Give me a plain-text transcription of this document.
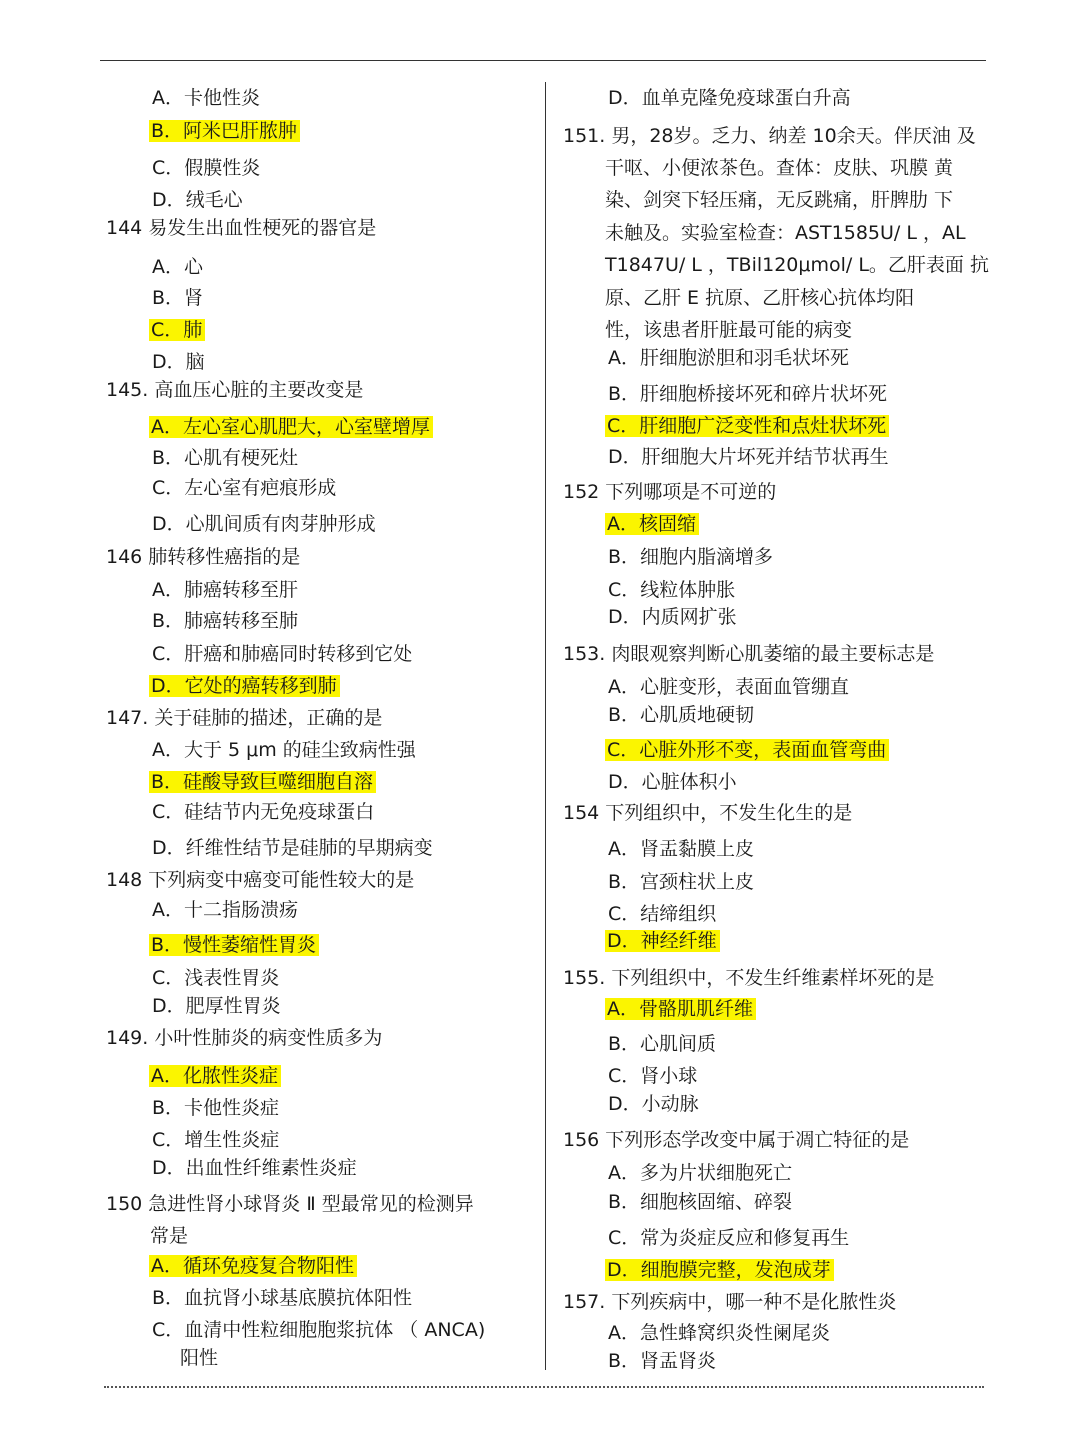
A．卡他性炎
B．阿米巴肝脓肿
C．假膜性炎
D．绒毛心
144 易发生出血性梗死的器官是
A．心
B．肾
C．肺
D．脑
145. 高血压心脏的主要改变是
A．左心室心肌肥大，心室壁增厚
B．心肌有梗死灶
C．左心室有疤痕形成
D．心肌间质有肉芽肿形成
146 肺转移性癌指的是
A．肺癌转移至肝
B．肺癌转移至肺
C．肝癌和肺癌同时转移到它处
D．它处的癌转移到肺
147. 关于硅肺的描述，正确的是
A．大于 5 μm 的硅尘致病性强
B．硅酸导致巨噬细胞自溶
C．硅结节内无免疫球蛋白
D．纤维性结节是硅肺的早期病变
148 下列病变中癌变可能性较大的是
A．十二指肠溃疡
B．慢性萎缩性胃炎
C．浅表性胃炎
D．肥厚性胃炎
149. 小叶性肺炎的病变性质多为
A．化脓性炎症
B．卡他性炎症
C．增生性炎症
D．出血性纤维素性炎症
150 急进性肾小球肾炎 Ⅱ 型最常见的检测异
常是
A．循环免疫复合物阳性
B．血抗肾小球基底膜抗体阳性
C．血清中性粒细胞胞浆抗体 （ ANCA)
阳性
D．血单克隆免疫球蛋白升高
151. 男，28岁。乏力、纳差 10余天。伴厌油 及
干呕、小便浓茶色。查体：皮肤、巩膜 黄
染、剑突下轻压痛，无反跳痛，肝脾肋 下
未触及。实验室检查：AST1585U/ L ，AL
T1847U/ L ，TBil120μmol/ L。乙肝表面 抗
原、乙肝 E 抗原、乙肝核心抗体均阳
性，该患者肝脏最可能的病变
A．肝细胞淤胆和羽毛状坏死
B．肝细胞桥接坏死和碎片状坏死
C．肝细胞广泛变性和点灶状坏死
D．肝细胞大片坏死并结节状再生
152 下列哪项是不可逆的
A．核固缩
B．细胞内脂滴增多
C．线粒体肿胀
D．内质网扩张
153. 肉眼观察判断心肌萎缩的最主要标志是
A．心脏变形，表面血管绷直
B．心肌质地硬韧
C．心脏外形不变，表面血管弯曲
D．心脏体积小
154 下列组织中，不发生化生的是
A．肾盂黏膜上皮
B．宫颈柱状上皮
C．结缔组织
D．神经纤维
155. 下列组织中，不发生纤维素样坏死的是
A．骨骼肌肌纤维
B．心肌间质
C．肾小球
D．小动脉
156 下列形态学改变中属于凋亡特征的是
A．多为片状细胞死亡
B．细胞核固缩、碎裂
C．常为炎症反应和修复再生
D．细胞膜完整，发泡成芽
157. 下列疾病中，哪一种不是化脓性炎
A．急性蜂窝织炎性阑尾炎
B．肾盂肾炎
